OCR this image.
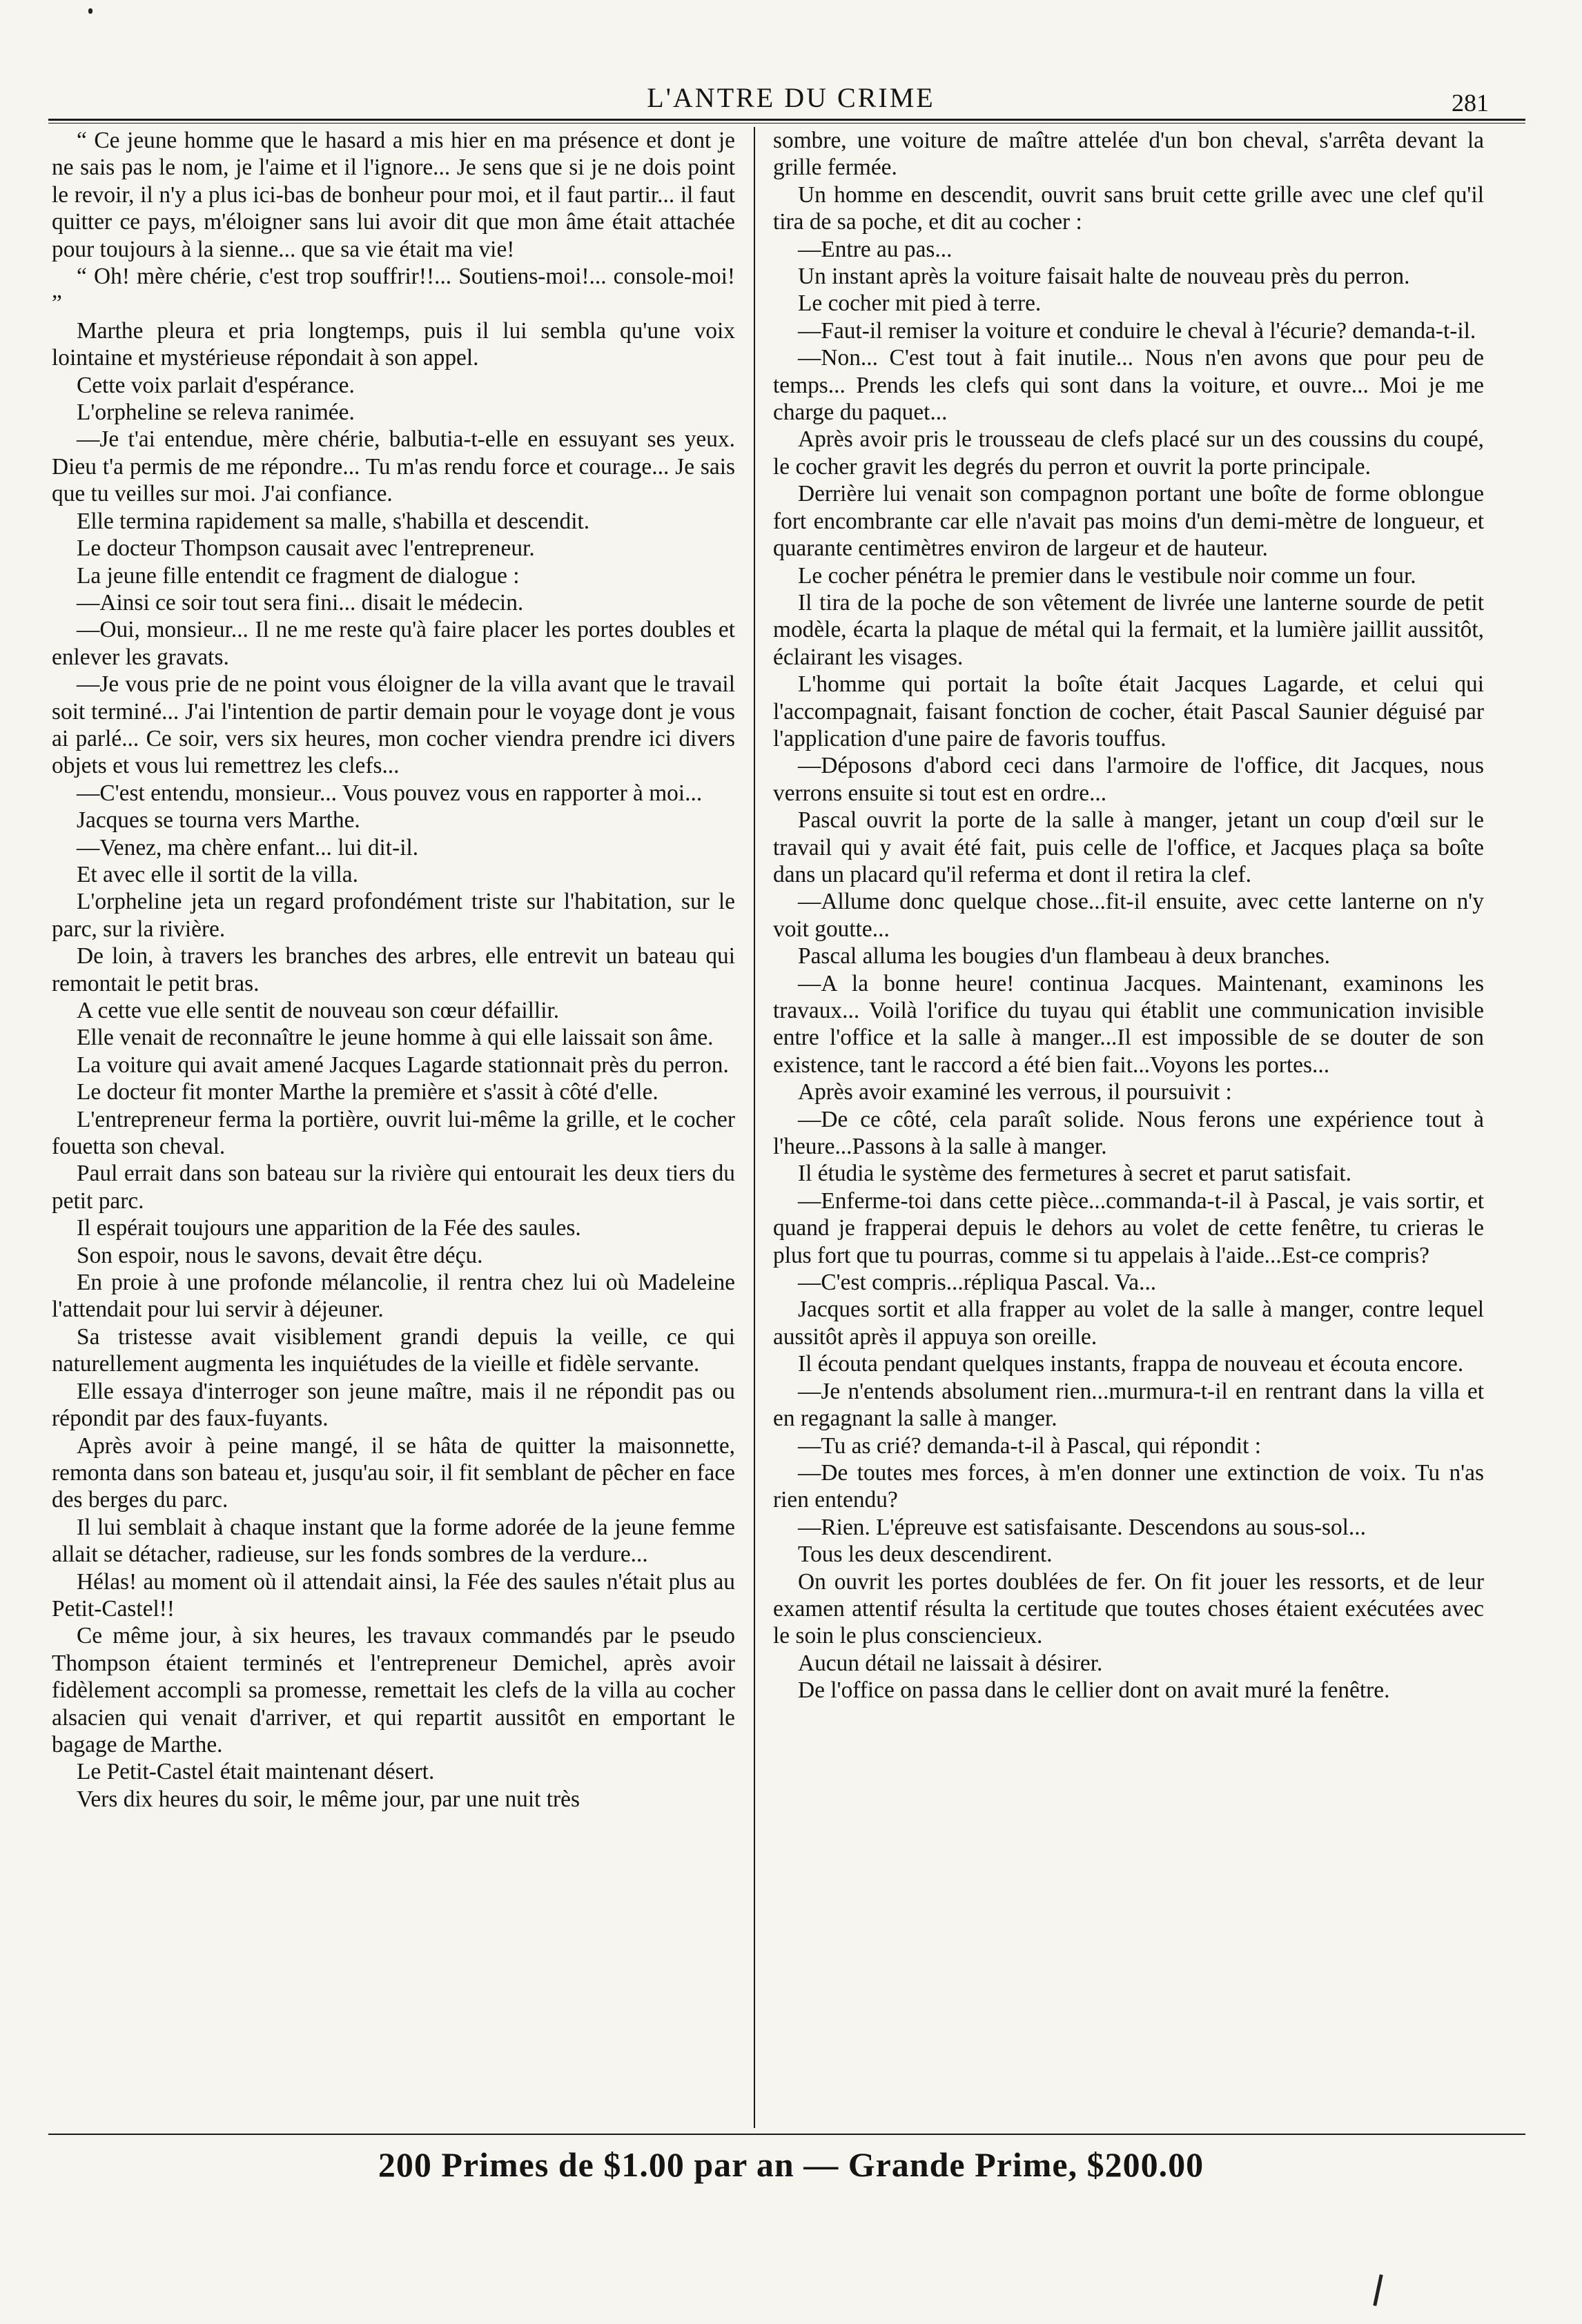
L'ANTRE DU CRIME	281

“ Ce jeune homme que le hasard a mis hier en ma présence et dont je ne sais pas le nom, je l'aime et il l'ignore... Je sens que si je ne dois point le revoir, il n'y a plus ici-bas de bonheur pour moi, et il faut partir... il faut quitter ce pays, m'éloigner sans lui avoir dit que mon âme était attachée pour toujours à la sienne... que sa vie était ma vie!

“ Oh! mère chérie, c'est trop souffrir!!... Soutiens-moi!... console-moi! ”

Marthe pleura et pria longtemps, puis il lui sembla qu'une voix lointaine et mystérieuse répondait à son appel.

Cette voix parlait d'espérance.

L'orpheline se releva ranimée.

—Je t'ai entendue, mère chérie, balbutia-t-elle en essuyant ses yeux. Dieu t'a permis de me répondre... Tu m'as rendu force et courage... Je sais que tu veilles sur moi. J'ai confiance.

Elle termina rapidement sa malle, s'habilla et descendit.

Le docteur Thompson causait avec l'entrepreneur.

La jeune fille entendit ce fragment de dialogue :

—Ainsi ce soir tout sera fini... disait le médecin.

—Oui, monsieur... Il ne me reste qu'à faire placer les portes doubles et enlever les gravats.

—Je vous prie de ne point vous éloigner de la villa avant que le travail soit terminé... J'ai l'intention de partir demain pour le voyage dont je vous ai parlé... Ce soir, vers six heures, mon cocher viendra prendre ici divers objets et vous lui remettrez les clefs...

—C'est entendu, monsieur... Vous pouvez vous en rapporter à moi...

Jacques se tourna vers Marthe.

—Venez, ma chère enfant... lui dit-il.

Et avec elle il sortit de la villa.

L'orpheline jeta un regard profondément triste sur l'habitation, sur le parc, sur la rivière.

De loin, à travers les branches des arbres, elle entrevit un bateau qui remontait le petit bras.

A cette vue elle sentit de nouveau son cœur défaillir.

Elle venait de reconnaître le jeune homme à qui elle laissait son âme.

La voiture qui avait amené Jacques Lagarde stationnait près du perron.

Le docteur fit monter Marthe la première et s'assit à côté d'elle.

L'entrepreneur ferma la portière, ouvrit lui-même la grille, et le cocher fouetta son cheval.

Paul errait dans son bateau sur la rivière qui entourait les deux tiers du petit parc.

Il espérait toujours une apparition de la Fée des saules.

Son espoir, nous le savons, devait être déçu.

En proie à une profonde mélancolie, il rentra chez lui où Madeleine l'attendait pour lui servir à déjeuner.

Sa tristesse avait visiblement grandi depuis la veille, ce qui naturellement augmenta les inquiétudes de la vieille et fidèle servante.

Elle essaya d'interroger son jeune maître, mais il ne répondit pas ou répondit par des faux-fuyants.

Après avoir à peine mangé, il se hâta de quitter la maisonnette, remonta dans son bateau et, jusqu'au soir, il fit semblant de pêcher en face des berges du parc.

Il lui semblait à chaque instant que la forme adorée de la jeune femme allait se détacher, radieuse, sur les fonds sombres de la verdure...

Hélas! au moment où il attendait ainsi, la Fée des saules n'était plus au Petit-Castel!!

Ce même jour, à six heures, les travaux commandés par le pseudo Thompson étaient terminés et l'entrepreneur Demichel, après avoir fidèlement accompli sa promesse, remettait les clefs de la villa au cocher alsacien qui venait d'arriver, et qui repartit aussitôt en emportant le bagage de Marthe.

Le Petit-Castel était maintenant désert.

Vers dix heures du soir, le même jour, par une nuit très

sombre, une voiture de maître attelée d'un bon cheval, s'arrêta devant la grille fermée.

Un homme en descendit, ouvrit sans bruit cette grille avec une clef qu'il tira de sa poche, et dit au cocher :

—Entre au pas...

Un instant après la voiture faisait halte de nouveau près du perron.

Le cocher mit pied à terre.

—Faut-il remiser la voiture et conduire le cheval à l'écurie? demanda-t-il.

—Non... C'est tout à fait inutile... Nous n'en avons que pour peu de temps... Prends les clefs qui sont dans la voiture, et ouvre... Moi je me charge du paquet...

Après avoir pris le trousseau de clefs placé sur un des coussins du coupé, le cocher gravit les degrés du perron et ouvrit la porte principale.

Derrière lui venait son compagnon portant une boîte de forme oblongue fort encombrante car elle n'avait pas moins d'un demi-mètre de longueur, et quarante centimètres environ de largeur et de hauteur.

Le cocher pénétra le premier dans le vestibule noir comme un four.

Il tira de la poche de son vêtement de livrée une lanterne sourde de petit modèle, écarta la plaque de métal qui la fermait, et la lumière jaillit aussitôt, éclairant les visages.

L'homme qui portait la boîte était Jacques Lagarde, et celui qui l'accompagnait, faisant fonction de cocher, était Pascal Saunier déguisé par l'application d'une paire de favoris touffus.

—Déposons d'abord ceci dans l'armoire de l'office, dit Jacques, nous verrons ensuite si tout est en ordre...

Pascal ouvrit la porte de la salle à manger, jetant un coup d'œil sur le travail qui y avait été fait, puis celle de l'office, et Jacques plaça sa boîte dans un placard qu'il referma et dont il retira la clef.

—Allume donc quelque chose...fit-il ensuite, avec cette lanterne on n'y voit goutte...

Pascal alluma les bougies d'un flambeau à deux branches.

—A la bonne heure! continua Jacques. Maintenant, examinons les travaux... Voilà l'orifice du tuyau qui établit une communication invisible entre l'office et la salle à manger...Il est impossible de se douter de son existence, tant le raccord a été bien fait...Voyons les portes...

Après avoir examiné les verrous, il poursuivit :

—De ce côté, cela paraît solide. Nous ferons une expérience tout à l'heure...Passons à la salle à manger.

Il étudia le système des fermetures à secret et parut satisfait.

—Enferme-toi dans cette pièce...commanda-t-il à Pascal, je vais sortir, et quand je frapperai depuis le dehors au volet de cette fenêtre, tu crieras le plus fort que tu pourras, comme si tu appelais à l'aide...Est-ce compris?

—C'est compris...répliqua Pascal. Va...

Jacques sortit et alla frapper au volet de la salle à manger, contre lequel aussitôt après il appuya son oreille.

Il écouta pendant quelques instants, frappa de nouveau et écouta encore.

—Je n'entends absolument rien...murmura-t-il en rentrant dans la villa et en regagnant la salle à manger.

—Tu as crié? demanda-t-il à Pascal, qui répondit :

—De toutes mes forces, à m'en donner une extinction de voix. Tu n'as rien entendu?

—Rien. L'épreuve est satisfaisante. Descendons au sous-sol...

Tous les deux descendirent.

On ouvrit les portes doublées de fer. On fit jouer les ressorts, et de leur examen attentif résulta la certitude que toutes choses étaient exécutées avec le soin le plus consciencieux.

Aucun détail ne laissait à désirer.

De l'office on passa dans le cellier dont on avait muré la fenêtre.

200 Primes de $1.00 par an — Grande Prime, $200.00
